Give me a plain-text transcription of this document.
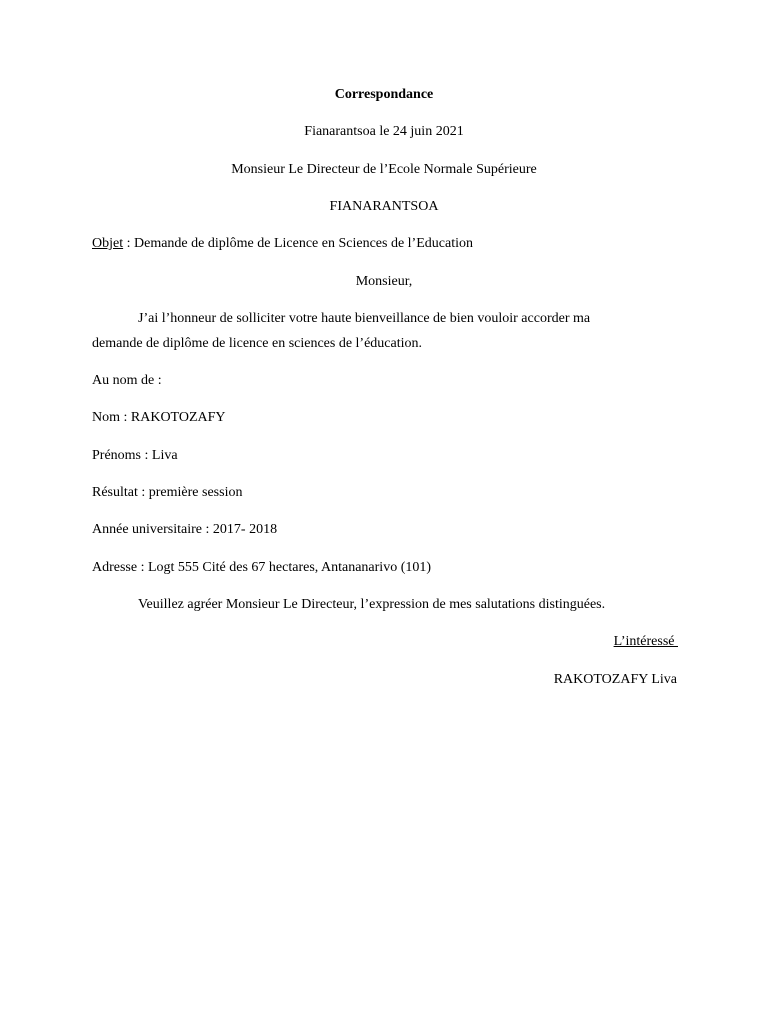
Correspondance
Fianarantsoa le 24 juin 2021
Monsieur Le Directeur de l’Ecole Normale Supérieure
FIANARANTSOA
Objet : Demande de diplôme de Licence en Sciences de l’Education
Monsieur,
J’ai l’honneur de solliciter votre haute bienveillance de bien vouloir accorder ma
demande de diplôme de licence en sciences de l’éducation.
Au nom de :
Nom : RAKOTOZAFY
Prénoms : Liva
Résultat : première session
Année universitaire : 2017- 2018
Adresse : Logt 555 Cité des 67 hectares, Antananarivo (101)
Veuillez agréer Monsieur Le Directeur, l’expression de mes salutations distinguées.
L’intéressé
RAKOTOZAFY Liva
